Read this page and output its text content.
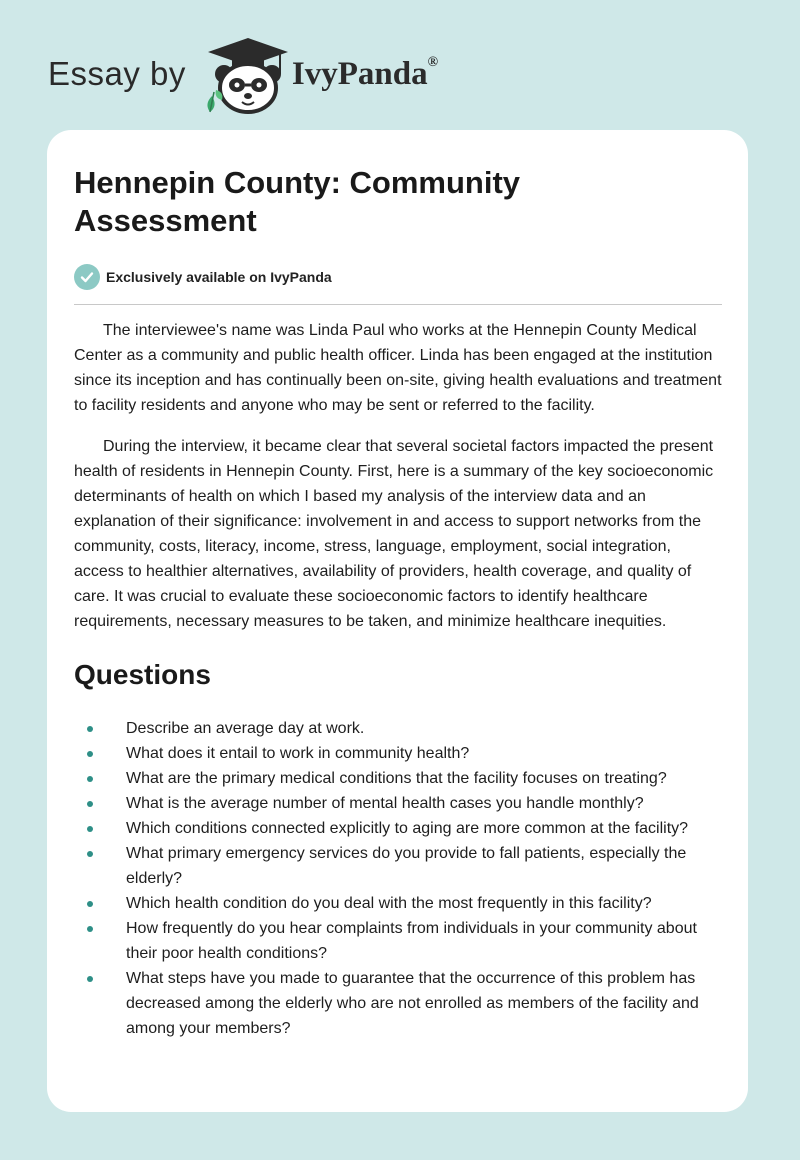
Essay by	IvyPanda®
Hennepin County: Community Assessment
Exclusively available on IvyPanda

The interviewee's name was Linda Paul who works at the Hennepin County Medical Center as a community and public health officer. Linda has been engaged at the institution since its inception and has continually been on-site, giving health evaluations and treatment to facility residents and anyone who may be sent or referred to the facility.

During the interview, it became clear that several societal factors impacted the present health of residents in Hennepin County. First, here is a summary of the key socioeconomic determinants of health on which I based my analysis of the interview data and an explanation of their significance: involvement in and access to support networks from the community, costs, literacy, income, stress, language, employment, social integration, access to healthier alternatives, availability of providers, health coverage, and quality of care. It was crucial to evaluate these socioeconomic factors to identify healthcare requirements, necessary measures to be taken, and minimize healthcare inequities.

Questions
Describe an average day at work.
What does it entail to work in community health?
What are the primary medical conditions that the facility focuses on treating?
What is the average number of mental health cases you handle monthly?
Which conditions connected explicitly to aging are more common at the facility?
What primary emergency services do you provide to fall patients, especially the elderly?
Which health condition do you deal with the most frequently in this facility?
How frequently do you hear complaints from individuals in your community about their poor health conditions?
What steps have you made to guarantee that the occurrence of this problem has decreased among the elderly who are not enrolled as members of the facility and among your members?
